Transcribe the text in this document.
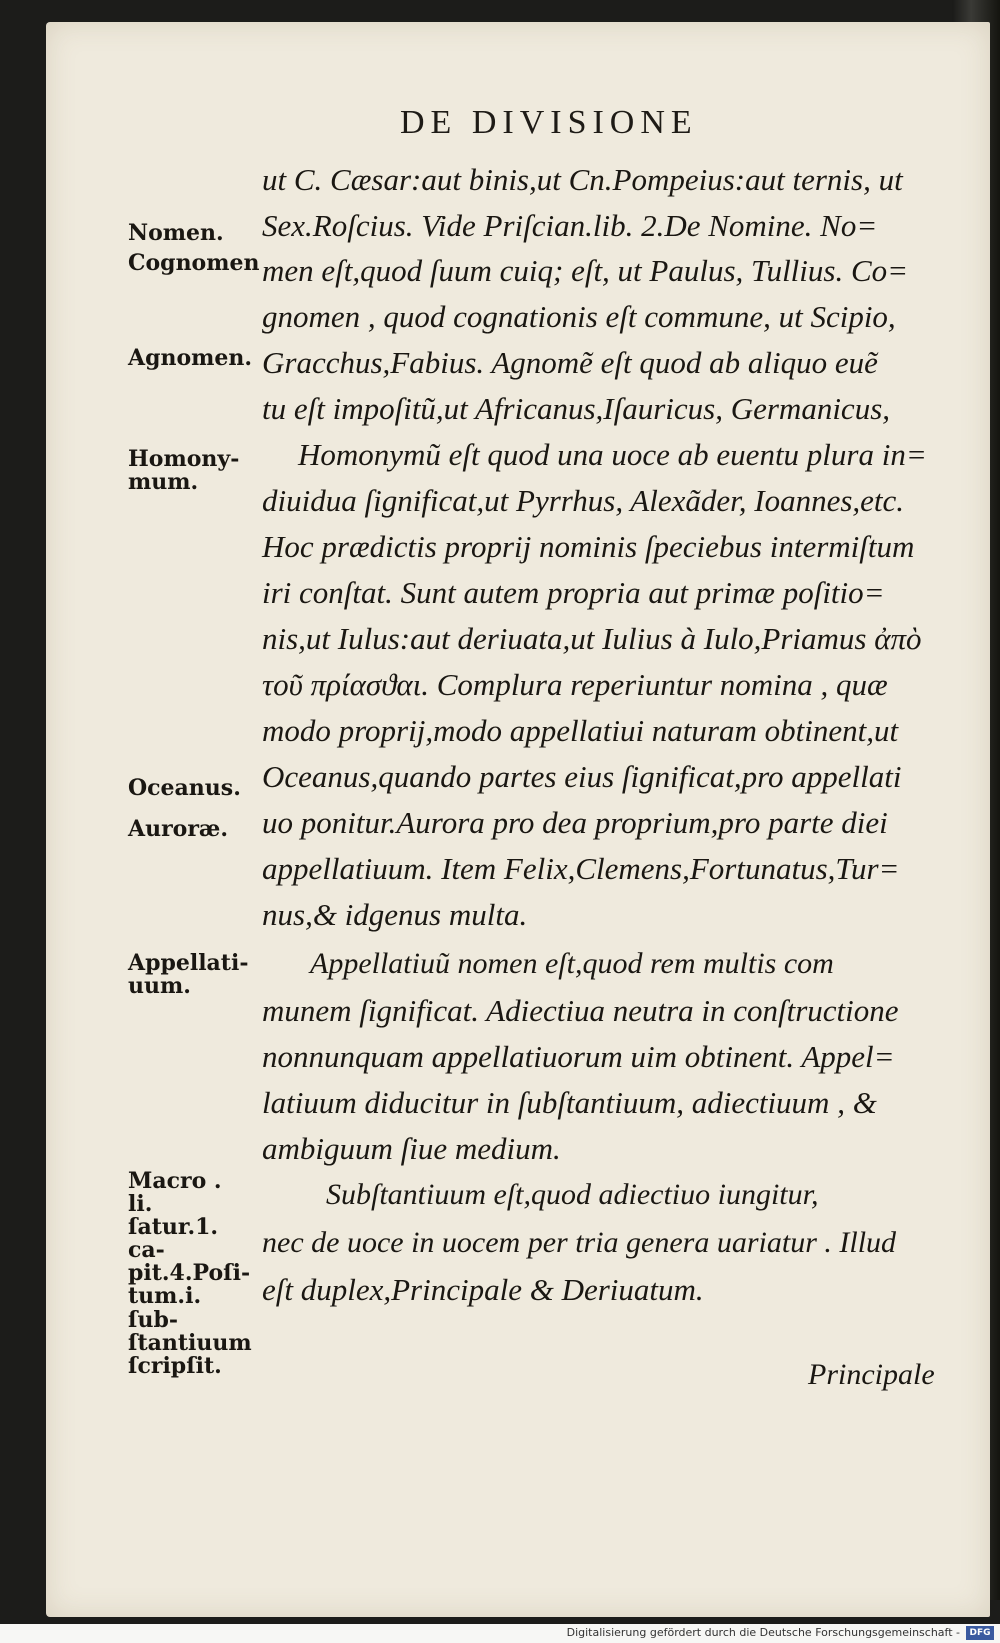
DE DIVISIONE
ut C. Cæsar:aut binis,ut Cn.Pompeius:aut ternis, ut
Sex.Roſcius. Vide Priſcian.lib. 2.De Nomine. No=
men eſt,quod ſuum cuiq; eſt, ut Paulus, Tullius. Co=
gnomen , quod cognationis eſt commune, ut Scipio,
Gracchus,Fabius. Agnomẽ eſt quod ab aliquo euẽ
tu eſt impoſitũ,ut Africanus,Iſauricus, Germanicus,
Homonymũ eſt quod una uoce ab euentu plura in=
diuidua ſignificat,ut Pyrrhus, Alexãder, Ioannes,etc.
Hoc prædictis proprij nominis ſpeciebus intermiſtum
iri conſtat. Sunt autem propria aut primæ poſitio=
nis,ut Iulus:aut deriuata,ut Iulius à Iulo,Priamus ἀπὸ
τοῦ πρίασϑαι. Complura reperiuntur nomina , quæ
modo proprij,modo appellatiui naturam obtinent,ut
Oceanus,quando partes eius ſignificat,pro appellati
uo ponitur.Aurora pro dea proprium,pro parte diei
appellatiuum. Item Felix,Clemens,Fortunatus,Tur=
nus,& idgenus multa.
Appellatiuũ nomen eſt,quod rem multis com
munem ſignificat. Adiectiua neutra in conſtructione
nonnunquam appellatiuorum uim obtinent. Appel=
latiuum diducitur in ſubſtantiuum, adiectiuum , &
ambiguum ſiue medium.
Subſtantiuum eſt,quod adiectiuo iungitur,
nec de uoce in uocem per tria genera uariatur . Illud
eſt duplex,Principale & Deriuatum.
Nomen.
Cognomen
Agnomen.
Homony- mum.
Oceanus.
Auroræ.
Appellati- uum.
Macro . li. ſatur.1. ca- pit.4.Poſi- tum.i. ſub- ſtantiuum ſcripſit.	Principale
Digitalisierung gefördert durch die Deutsche Forschungsgemeinschaft -	DFG
